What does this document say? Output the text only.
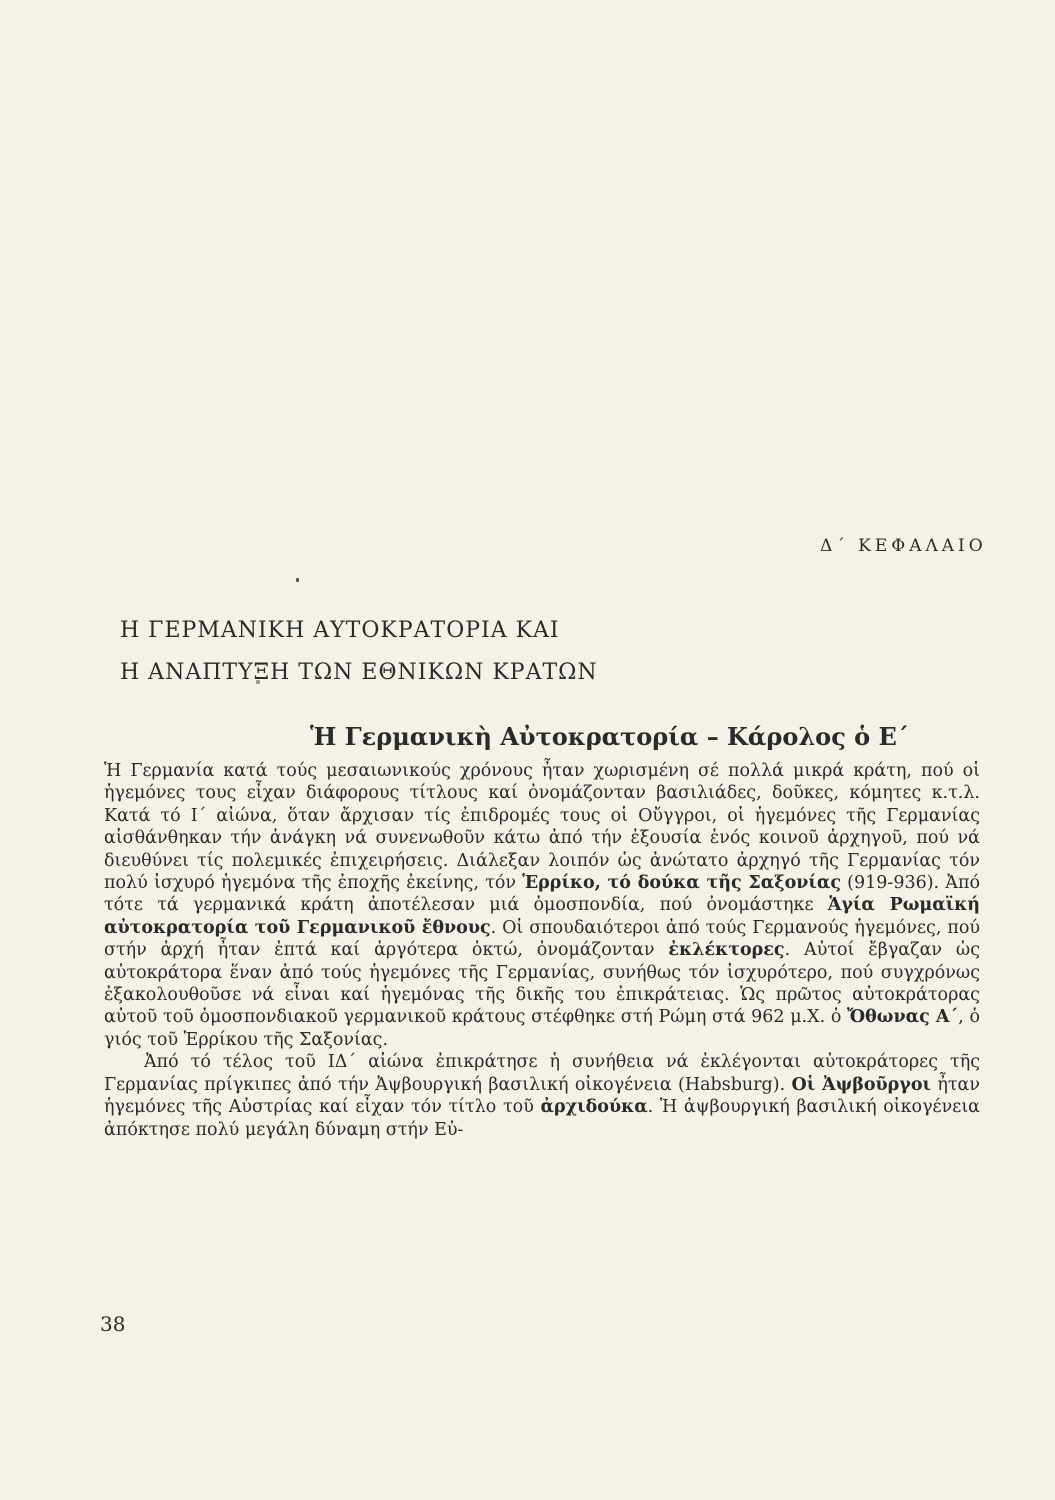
Δ΄ ΚΕΦΑΛΑΙΟ
Η ΓΕΡΜΑΝΙΚΗ ΑΥΤΟΚΡΑΤΟΡΙΑ ΚΑΙ
Η ΑΝΑΠΤΥΞΗ ΤΩΝ ΕΘΝΙΚΩΝ ΚΡΑΤΩΝ
Ἡ Γερμανικὴ Αὐτοκρατορία – Κάρολος ὁ Ε΄

Ἡ Γερμανία κατά τούς μεσαιωνικούς χρόνους ἦταν χωρισμένη σέ πολλά μικρά κράτη, πού οἱ ἡγεμόνες τους εἶχαν διάφορους τίτλους καί ὀνομάζονταν βασιλιάδες, δοῦκες, κόμητες κ.τ.λ. Κατά τό Ι΄ αἰώνα, ὅταν ἄρχισαν τίς ἐπιδρομές τους οἱ Οὔγγροι, οἱ ἡγεμόνες τῆς Γερμανίας αἰσθάνθηκαν τήν ἀνάγκη νά συνενωθοῦν κάτω ἀπό τήν ἐξουσία ἑνός κοινοῦ ἀρχηγοῦ, πού νά διευθύνει τίς πολεμικές ἐπιχειρήσεις. Διάλεξαν λοιπόν ὡς ἀνώτατο ἀρχηγό τῆς Γερμανίας τόν πολύ ἰσχυρό ἡγεμόνα τῆς ἐποχῆς ἐκείνης, τόν Ἑρρίκο, τό δούκα τῆς Σαξονίας (919-936). Ἀπό τότε τά γερμανικά κράτη ἀποτέλεσαν μιά ὁμοσπονδία, πού ὀνομάστηκε Ἁγία Ρωμαϊκή αὐτοκρατορία τοῦ Γερμανικοῦ ἔθνους. Οἱ σπουδαιότεροι ἀπό τούς Γερμανούς ἡγεμόνες, πού στήν ἀρχή ἦταν ἑπτά καί ἀργότερα ὀκτώ, ὀνομάζονταν ἐκλέκτορες. Αὐτοί ἔβγαζαν ὡς αὐτοκράτορα ἕναν ἀπό τούς ἡγεμόνες τῆς Γερμανίας, συνήθως τόν ἰσχυρότερο, πού συγχρόνως ἐξακολουθοῦσε νά εἶναι καί ἡγεμόνας τῆς δικῆς του ἐπικράτειας. Ὡς πρῶτος αὐτοκράτορας αὐτοῦ τοῦ ὁμοσπονδιακοῦ γερμανικοῦ κράτους στέφθηκε στή Ρώμη στά 962 μ.Χ. ὁ Ὄθωνας Α΄, ὁ γιός τοῦ Ἑρρίκου τῆς Σαξονίας.

Ἀπό τό τέλος τοῦ ΙΔ΄ αἰώνα ἐπικράτησε ἡ συνήθεια νά ἐκλέγονται αὐτοκράτορες τῆς Γερμανίας πρίγκιπες ἀπό τήν Ἀψβουργική βασιλική οἰκογένεια (Habsburg). Οἱ Ἀψβοῦργοι ἦταν ἡγεμόνες τῆς Αὐστρίας καί εἶχαν τόν τίτλο τοῦ ἀρχιδούκα. Ἡ ἀψβουργική βασιλική οἰκογένεια ἀπόκτησε πολύ μεγάλη δύναμη στήν Εὐ-

38
